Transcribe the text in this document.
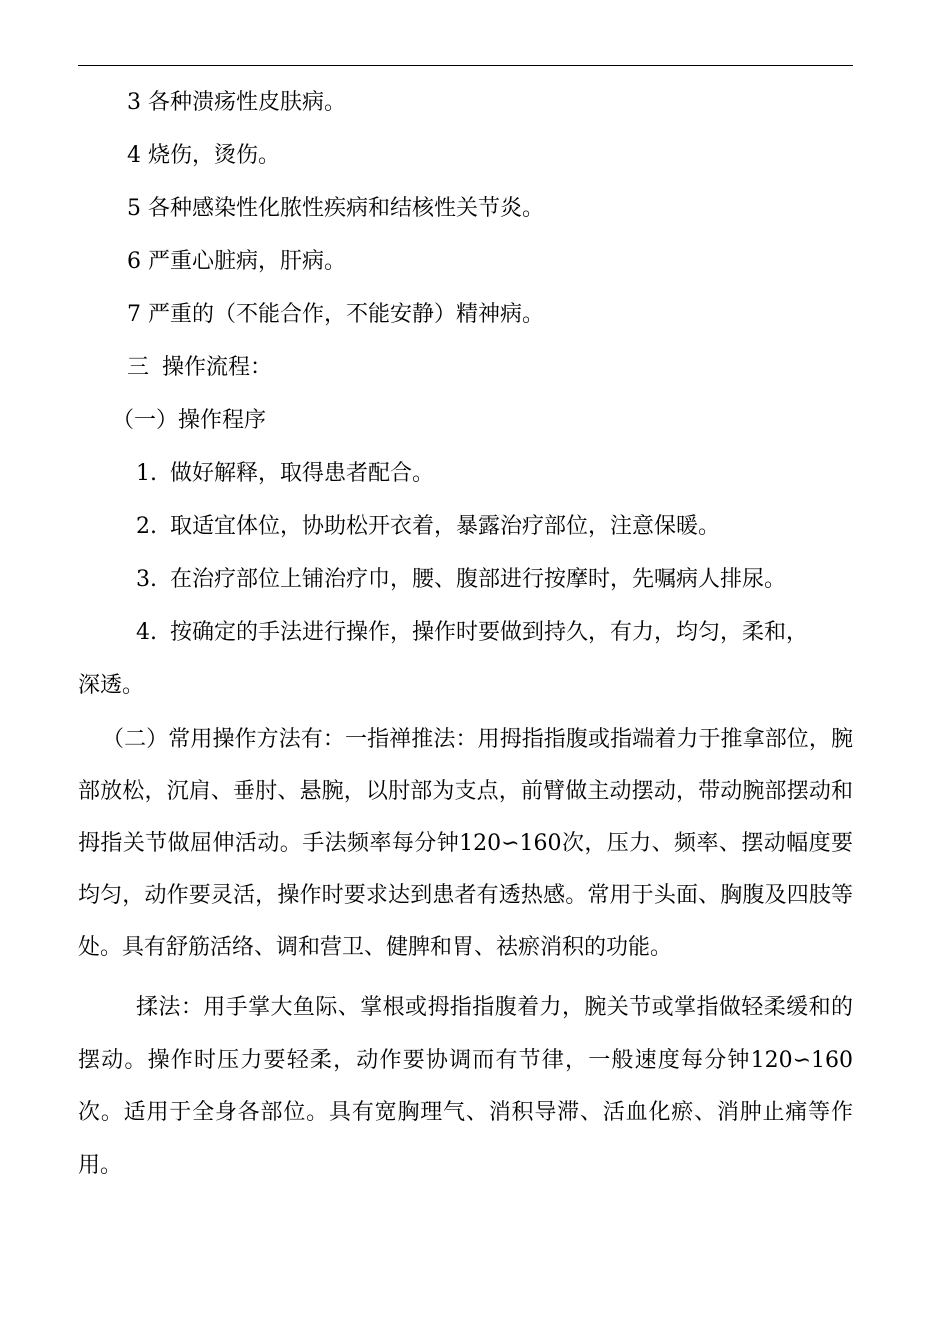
3 各种溃疡性皮肤病。
4 烧伤，烫伤。
5 各种感染性化脓性疾病和结核性关节炎。
6 严重心脏病，肝病。
7 严重的（不能合作，不能安静）精神病。
三 操作流程：
（一）操作程序
1. 做好解释，取得患者配合。
2. 取适宜体位，协助松开衣着，暴露治疗部位，注意保暖。
3. 在治疗部位上铺治疗巾，腰、腹部进行按摩时，先嘱病人排尿。
4. 按确定的手法进行操作，操作时要做到持久，有力，均匀，柔和，
深透。
（二）常用操作方法有：一指禅推法：用拇指指腹或指端着力于推拿部位，腕部放松，沉肩、垂肘、悬腕，以肘部为支点，前臂做主动摆动，带动腕部摆动和拇指关节做屈伸活动。手法频率每分钟120∽160次，压力、频率、摆动幅度要均匀，动作要灵活，操作时要求达到患者有透热感。常用于头面、胸腹及四肢等处。具有舒筋活络、调和营卫、健脾和胃、祛瘀消积的功能。
揉法：用手掌大鱼际、掌根或拇指指腹着力，腕关节或掌指做轻柔缓和的摆动。操作时压力要轻柔，动作要协调而有节律，一般速度每分钟120∽160次。适用于全身各部位。具有宽胸理气、消积导滞、活血化瘀、消肿止痛等作用。
